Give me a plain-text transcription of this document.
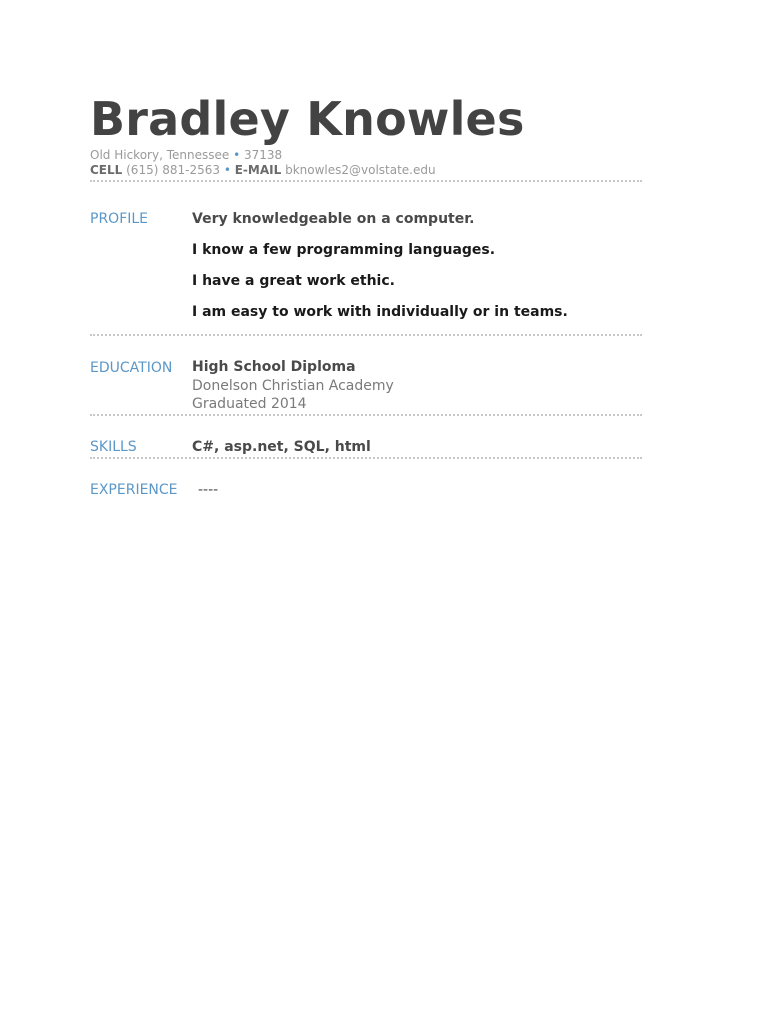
Bradley Knowles
Old Hickory, Tennessee • 37138
CELL (615) 881-2563 • E-MAIL bknowles2@volstate.edu
PROFILE	Very knowledgeable on a computer.
I know a few programming languages.
I have a great work ethic.
I am easy to work with individually or in teams.
EDUCATION	High School Diploma
Donelson Christian Academy
Graduated 2014
SKILLS	C#, asp.net, SQL, html
EXPERIENCE	----
